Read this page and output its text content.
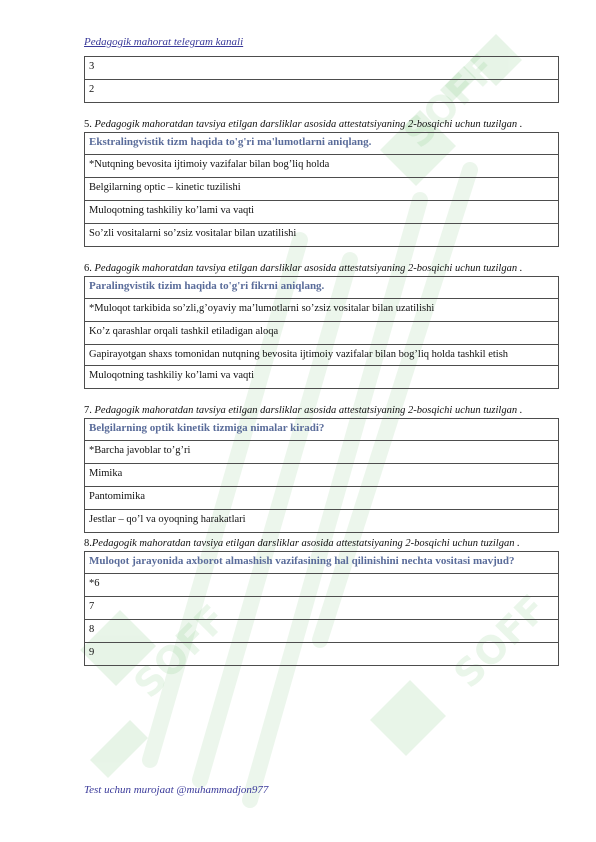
SOFF
SOFF
SOFF
Pedagogik mahorat telegram kanali
3
2

5. Pedagogik mahoratdan tavsiya etilgan darsliklar asosida attestatsiyaning 2-bosqichi uchun tuzilgan .

Ekstralingvistik tizm haqida to'g'ri ma'lumotlarni aniqlang.
*Nutqning bevosita ijtimoiy vazifalar bilan bog’liq holda
Belgilarning optic – kinetic tuzilishi
Muloqotning tashkiliy ko’lami va vaqti
So’zli vositalarni so’zsiz vositalar bilan uzatilishi

6. Pedagogik mahoratdan tavsiya etilgan darsliklar asosida attestatsiyaning 2-bosqichi uchun tuzilgan .

Paralingvistik tizim haqida to'g'ri fikrni aniqlang.
*Muloqot tarkibida so’zli,g’oyaviy ma’lumotlarni so’zsiz vositalar bilan uzatilishi
Ko’z qarashlar orqali tashkil etiladigan aloqa
Gapirayotgan shaxs tomonidan nutqning bevosita ijtimoiy vazifalar bilan bog’liq holda tashkil etish
Muloqotning tashkiliy ko’lami va vaqti

7. Pedagogik mahoratdan tavsiya etilgan darsliklar asosida attestatsiyaning 2-bosqichi uchun tuzilgan .

Belgilarning optik kinetik tizmiga nimalar kiradi?
*Barcha javoblar to’g’ri
Mimika
Pantomimika
Jestlar – qo’l va oyoqning harakatlari

8.Pedagogik mahoratdan tavsiya etilgan darsliklar asosida attestatsiyaning 2-bosqichi uchun tuzilgan .

Muloqot jarayonida axborot almashish vazifasining hal qilinishini nechta vositasi mavjud?
*6
7
8
9
Test uchun murojaat @muhammadjon977
